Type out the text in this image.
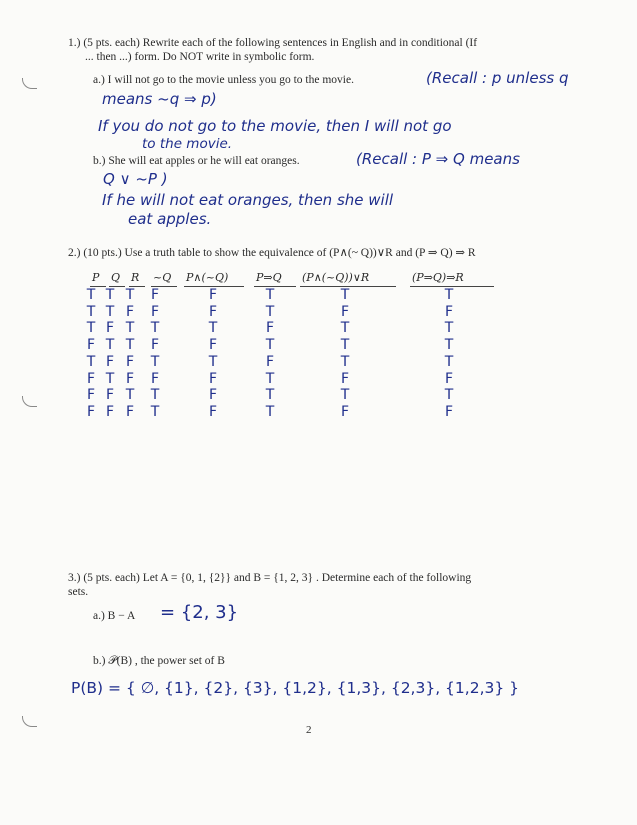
1.) (5 pts. each) Rewrite each of the following sentences in English and in conditional (If
... then ...) form. Do NOT write in symbolic form.
a.) I will not go to the movie unless you go to the movie.	(Recall : p unless q
means ~q ⇒ p)
If you do not go to the movie, then I will not go
to the movie.
b.) She will eat apples or he will eat oranges.	(Recall : P ⇒ Q means
Q ∨ ~P )
If he will not eat oranges, then she will
eat apples.
2.) (10 pts.) Use a truth table to show the equivalence of (P∧(~ Q))∨R and (P ⇒ Q) ⇒ R
P Q R ~Q P∧(~Q)	P⇒Q (P∧(~Q))∨R	(P⇒Q)⇒R
T T T F	F	T	T	T
T T F F	F	T	F	F
T F T T	T	F	T	T
F T T F	F	T	T	T
T F F T	T	F	T	T
F T F F	F	T	F	F
F F T T	F	T	T	T
F F F T	F	T	F	F
3.) (5 pts. each) Let A = {0, 1, {2}} and B = {1, 2, 3} . Determine each of the following
sets.
a.) B − A = {2, 3}
b.) 𝒫(B) , the power set of B
P(B) = { ∅, {1}, {2}, {3}, {1,2}, {1,3}, {2,3}, {1,2,3} }
2
